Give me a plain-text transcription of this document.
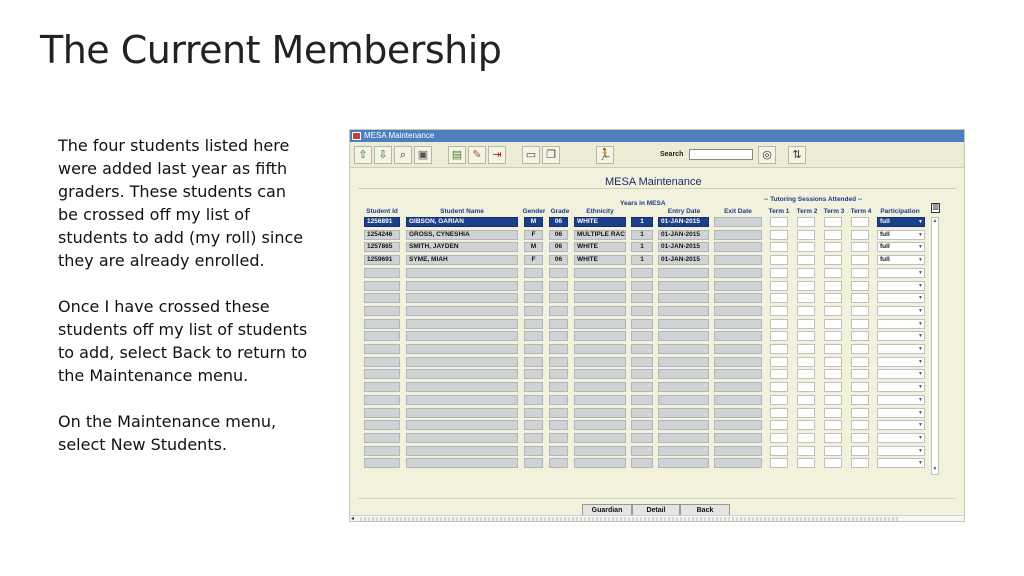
The Current Membership

The four students listed here were added last year as fifth graders. These students can be crossed off my list of students to add (my roll) since they are already enrolled.

Once I have crossed these students off my list of students to add, select Back to return to the Maintenance menu.

On the Maintenance menu, select New Students.

MESA Maintenance
⇧ ⇩	⌕	▣	▤ ✎ ⇥	▭ ❐	🏃	Search	◎	⇅
MESA Maintenance
Years in MESA
-- Tutoring Sessions Attended --
Student Id	Student Name	Gender Grade	Ethnicity	Entry Date	Exit Date	Term 1	Term 2 Term 3 Term 4	Participation
▥
▲
▼
Guardian	Detail	Back
◂
1256891	GIBSON, GARIAN	M	06	WHITE	1	01-JAN-2015	full	▼
1254246	GROSS, CYNESHIA	F	06	MULTIPLE RAC	1	01-JAN-2015	full	▼
1257865	SMITH, JAYDEN	M	06	WHITE	1	01-JAN-2015	full	▼
1259691	SYME, MIAH	F	06	WHITE	1	01-JAN-2015	full	▼
▼
▼
▼
▼
▼
▼
▼
▼
▼
▼
▼
▼
▼
▼
▼
▼
